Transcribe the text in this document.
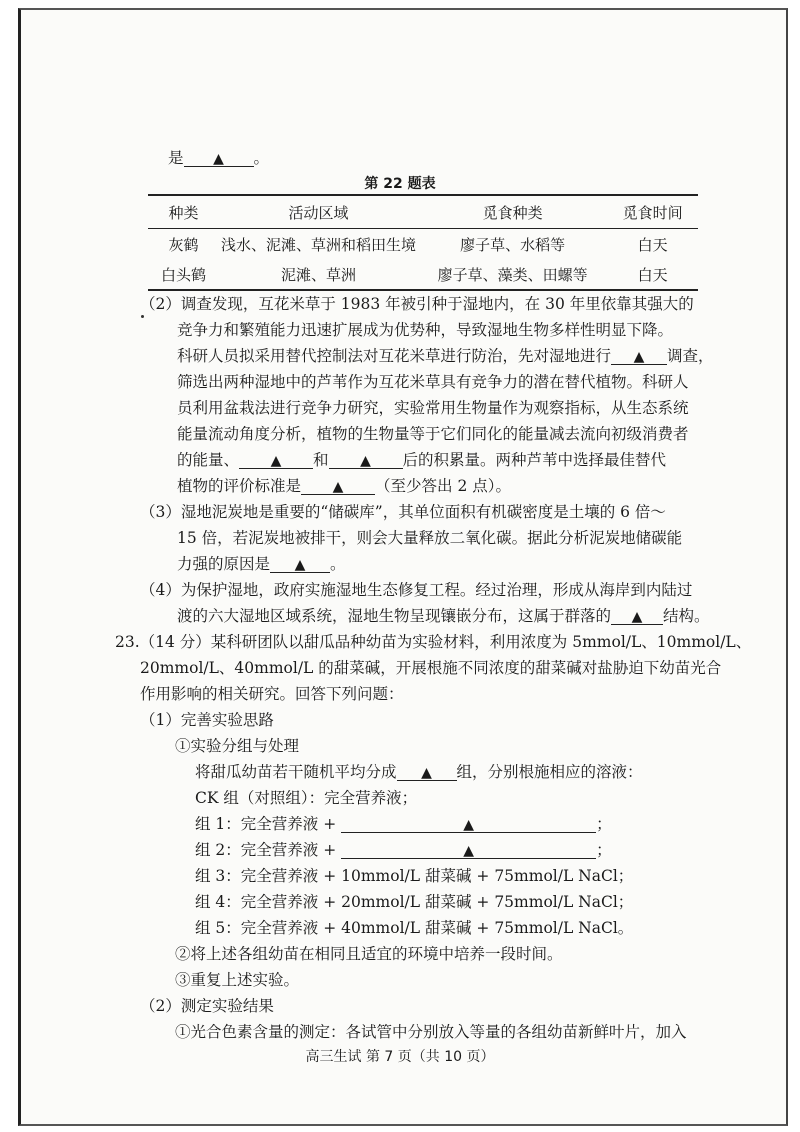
是 ▲ 。
第 22 题表
种类	活动区域	觅食种类	觅食时间
灰鹤	浅水、泥滩、草洲和稻田生境	廖子草、水稻等	白天
白头鹤	泥滩、草洲	廖子草、藻类、田螺等	白天
（2）调查发现，互花米草于 1983 年被引种于湿地内，在 30 年里依靠其强大的
竞争力和繁殖能力迅速扩展成为优势种，导致湿地生物多样性明显下降。
科研人员拟采用替代控制法对互花米草进行防治，先对湿地进行 ▲ 调查，
筛选出两种湿地中的芦苇作为互花米草具有竞争力的潜在替代植物。科研人
员利用盆栽法进行竞争力研究，实验常用生物量作为观察指标，从生态系统
能量流动角度分析，植物的生物量等于它们同化的能量减去流向初级消费者
的能量、 ▲ 和 ▲ 后的积累量。两种芦苇中选择最佳替代
植物的评价标准是 ▲ （至少答出 2 点）。
（3）湿地泥炭地是重要的“储碳库”，其单位面积有机碳密度是土壤的 6 倍～
15 倍，若泥炭地被排干，则会大量释放二氧化碳。据此分析泥炭地储碳能
力强的原因是 ▲ 。
（4）为保护湿地，政府实施湿地生态修复工程。经过治理，形成从海岸到内陆过
渡的六大湿地区域系统，湿地生物呈现镶嵌分布，这属于群落的 ▲ 结构。
23.（14 分）某科研团队以甜瓜品种幼苗为实验材料，利用浓度为 5mmol/L、10mmol/L、
20mmol/L、40mmol/L 的甜菜碱，开展根施不同浓度的甜菜碱对盐胁迫下幼苗光合
作用影响的相关研究。回答下列问题：
（1）完善实验思路
①实验分组与处理
将甜瓜幼苗若干随机平均分成 ▲ 组，分别根施相应的溶液：
CK 组（对照组）：完全营养液；
组 1：完全营养液 +	▲	；
组 2：完全营养液 +	▲	；
组 3：完全营养液 + 10mmol/L 甜菜碱 + 75mmol/L NaCl；
组 4：完全营养液 + 20mmol/L 甜菜碱 + 75mmol/L NaCl；
组 5：完全营养液 + 40mmol/L 甜菜碱 + 75mmol/L NaCl。
②将上述各组幼苗在相同且适宜的环境中培养一段时间。
③重复上述实验。
（2）测定实验结果
①光合色素含量的测定：各试管中分别放入等量的各组幼苗新鲜叶片，加入
高三生试 第 7 页（共 10 页）
